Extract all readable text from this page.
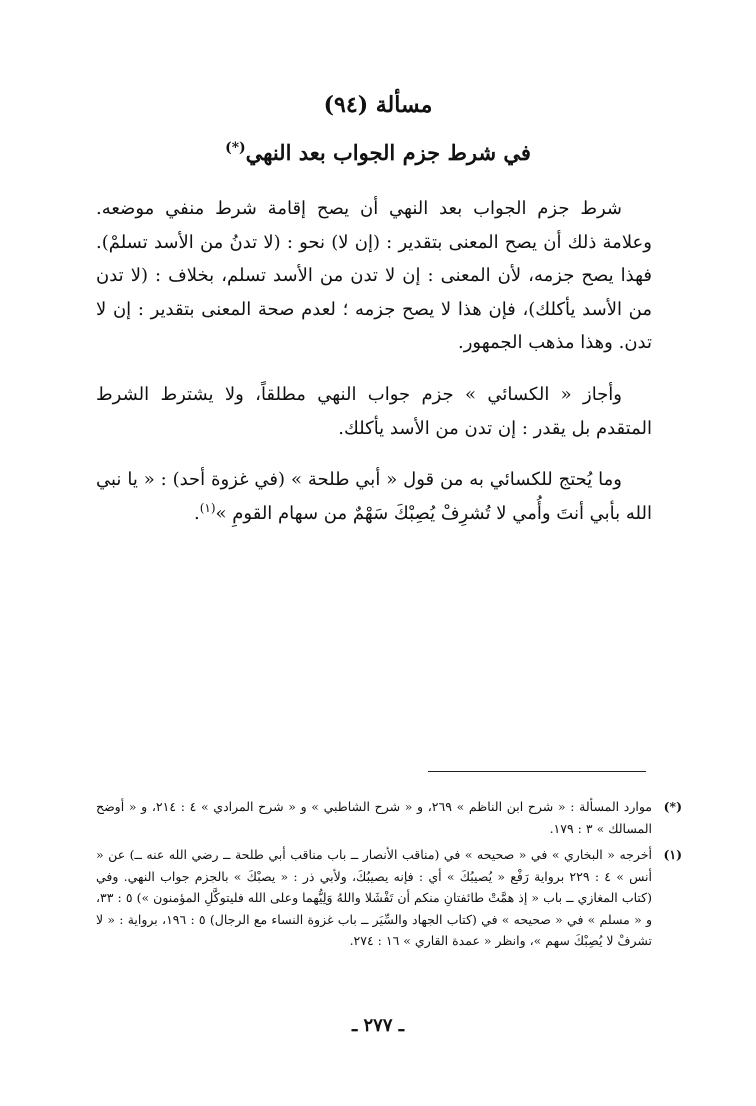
مسألة (٩٤)
في شرط جزم الجواب بعد النهي(*)
شرط جزم الجواب بعد النهي أن يصح إقامة شرط منفي موضعه. وعلامة ذلك أن يصح المعنى بتقدير : (إن لا) نحو : (لا تدنُ من الأسد تسلمْ). فهذا يصح جزمه، لأن المعنى : إن لا تدن من الأسد تسلم، بخلاف : (لا تدن من الأسد يأكلك)، فإن هذا لا يصح جزمه ؛ لعدم صحة المعنى بتقدير : إن لا تدن. وهذا مذهب الجمهور.
وأجاز « الكسائي » جزم جواب النهي مطلقاً، ولا يشترط الشرط المتقدم بل يقدر : إن تدن من الأسد يأكلك.
وما يُحتج للكسائي به من قول « أبي طلحة » (في غزوة أحد) : « يا نبي الله بأبي أنتَ وأُمي لا تُشرِفْ يُصِبْكَ سَهْمٌ من سهام القومِ »$^{(١)}$.
(*)
موارد المسألة : « شرح ابن الناظم » ٢٦٩، و « شرح الشاطبي » و « شرح المرادي » ٤ : ٢١٤، و « أوضح المسالك » ٣ : ١٧٩.
(١)
أخرجه « البخاري » في « صحيحه » في (مناقب الأنصار ــ باب مناقب أبي طلحة ــ رضي الله عنه ــ) عن « أنس » ٤ : ٢٢٩ برواية رَفْع « يُصيبُكَ » أي : فإنه يصيبُكَ، ولأبي ذر : « يصبْكَ » بالجزم جواب النهي. وفي (كتاب المغازي ــ باب « إذ همَّتْ طائفتانِ منكم أن تَفْشَلا واللهُ وَلِيُّهما وعلى الله فليتوكَّلِ المؤمنون ») ٥ : ٣٣، و « مسلم » في « صحيحه » في (كتاب الجهاد والسِّيَر ــ باب غزوة النساء مع الرجال) ٥ : ١٩٦، برواية : « لا تشرفْ لا يُصِبْكَ سهم »، وانظر « عمدة القاري » ١٦ : ٢٧٤.
ـ ٢٧٧ ـ
